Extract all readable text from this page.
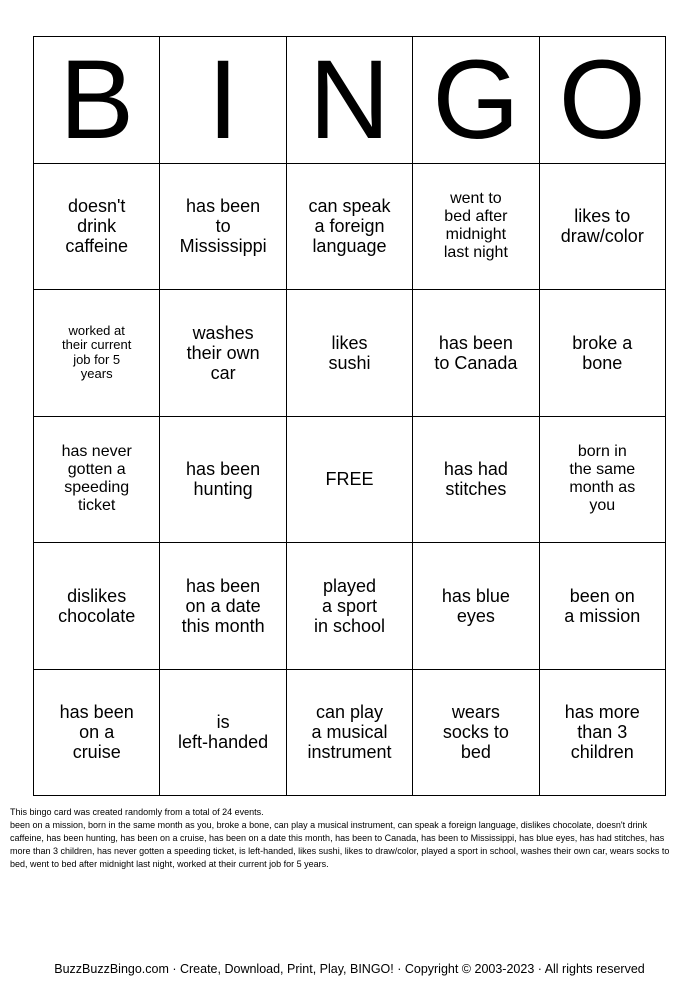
B I N G O
doesn't
drink
caffeine
has been
to
Mississippi
can speak
a foreign
language
went to
bed after
midnight
last night
likes to
draw/color
worked at
their current
job for 5
years
washes
their own
car
likes
sushi
has been
to Canada
broke a
bone
has never
gotten a
speeding
ticket
has been
hunting
FREE
has had
stitches
born in
the same
month as
you
dislikes
chocolate
has been
on a date
this month
played
a sport
in school
has blue
eyes
been on
a mission
has been
on a
cruise
is
left-handed
can play
a musical
instrument
wears
socks to
bed
has more
than 3
children

This bingo card was created randomly from a total of 24 events.

been on a mission, born in the same month as you, broke a bone, can play a musical instrument, can speak a foreign language, dislikes chocolate, doesn't drink caffeine, has been hunting, has been on a cruise, has been on a date this month, has been to Canada, has been to Mississippi, has blue eyes, has had stitches, has more than 3 children, has never gotten a speeding ticket, is left-handed, likes sushi, likes to draw/color, played a sport in school, washes their own car, wears socks to bed, went to bed after midnight last night, worked at their current job for 5 years.

BuzzBuzzBingo.com · Create, Download, Print, Play, BINGO! · Copyright © 2003-2023 · All rights reserved
